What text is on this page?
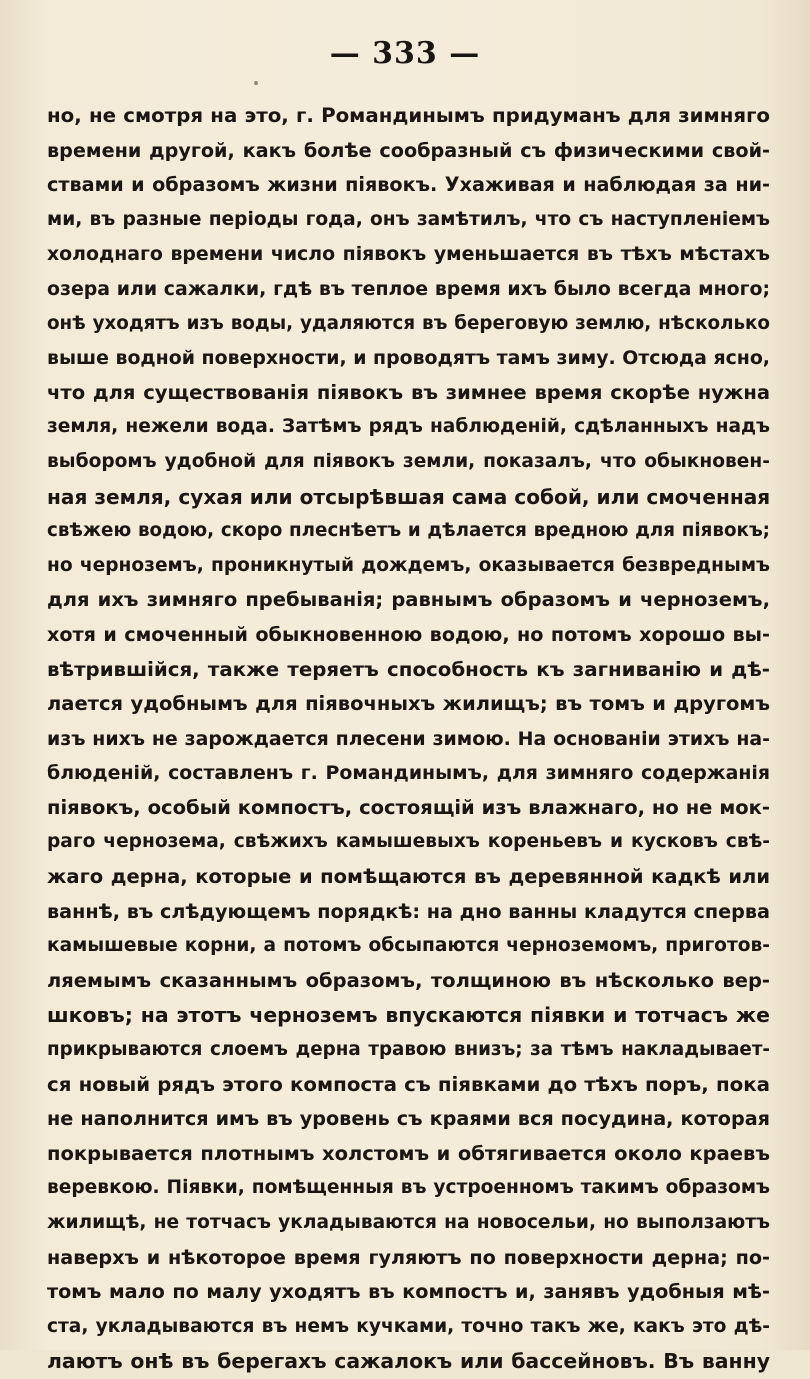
— 333 —
но, не смотря на это, г. Романдинымъ придуманъ для зимняго
времени другой, какъ болѣе сообразный съ физическими свой-
ствами и образомъ жизни піявокъ. Ухаживая и наблюдая за ни-
ми, въ разные періоды года, онъ замѣтилъ, что съ наступленіемъ
холоднаго времени число піявокъ уменьшается въ тѣхъ мѣстахъ
озера или сажалки, гдѣ въ теплое время ихъ было всегда много;
онѣ уходятъ изъ воды, удаляются въ береговую землю, нѣсколько
выше водной поверхности, и проводятъ тамъ зиму. Отсюда ясно,
что для существованія піявокъ въ зимнее время скорѣе нужна
земля, нежели вода. Затѣмъ рядъ наблюденій, сдѣланныхъ надъ
выборомъ удобной для піявокъ земли, показалъ, что обыкновен-
ная земля, сухая или отсырѣвшая сама собой, или смоченная
свѣжею водою, скоро плеснѣетъ и дѣлается вредною для піявокъ;
но черноземъ, проникнутый дождемъ, оказывается безвреднымъ
для ихъ зимняго пребыванія; равнымъ образомъ и черноземъ,
хотя и смоченный обыкновенною водою, но потомъ хорошо вы-
вѣтрившійся, также теряетъ способность къ загниванію и дѣ-
лается удобнымъ для піявочныхъ жилищъ; въ томъ и другомъ
изъ нихъ не зарождается плесени зимою. На основаніи этихъ на-
блюденій, составленъ г. Романдинымъ, для зимняго содержанія
піявокъ, особый компостъ, состоящій изъ влажнаго, но не мок-
раго чернозема, свѣжихъ камышевыхъ кореньевъ и кусковъ свѣ-
жаго дерна, которые и помѣщаются въ деревянной кадкѣ или
ваннѣ, въ слѣдующемъ порядкѣ: на дно ванны кладутся сперва
камышевые корни, а потомъ обсыпаются черноземомъ, приготов-
ляемымъ сказаннымъ образомъ, толщиною въ нѣсколько вер-
шковъ; на этотъ черноземъ впускаются піявки и тотчасъ же
прикрываются слоемъ дерна травою внизъ; за тѣмъ накладывает-
ся новый рядъ этого компоста съ піявками до тѣхъ поръ, пока
не наполнится имъ въ уровень съ краями вся посудина, которая
покрывается плотнымъ холстомъ и обтягивается около краевъ
веревкою. Піявки, помѣщенныя въ устроенномъ такимъ образомъ
жилищѣ, не тотчасъ укладываются на новосельи, но выползаютъ
наверхъ и нѣкоторое время гуляютъ по поверхности дерна; по-
томъ мало по малу уходятъ въ компостъ и, занявъ удобныя мѣ-
ста, укладываются въ немъ кучками, точно такъ же, какъ это дѣ-
лаютъ онѣ въ берегахъ сажалокъ или бассейновъ. Въ ванну
